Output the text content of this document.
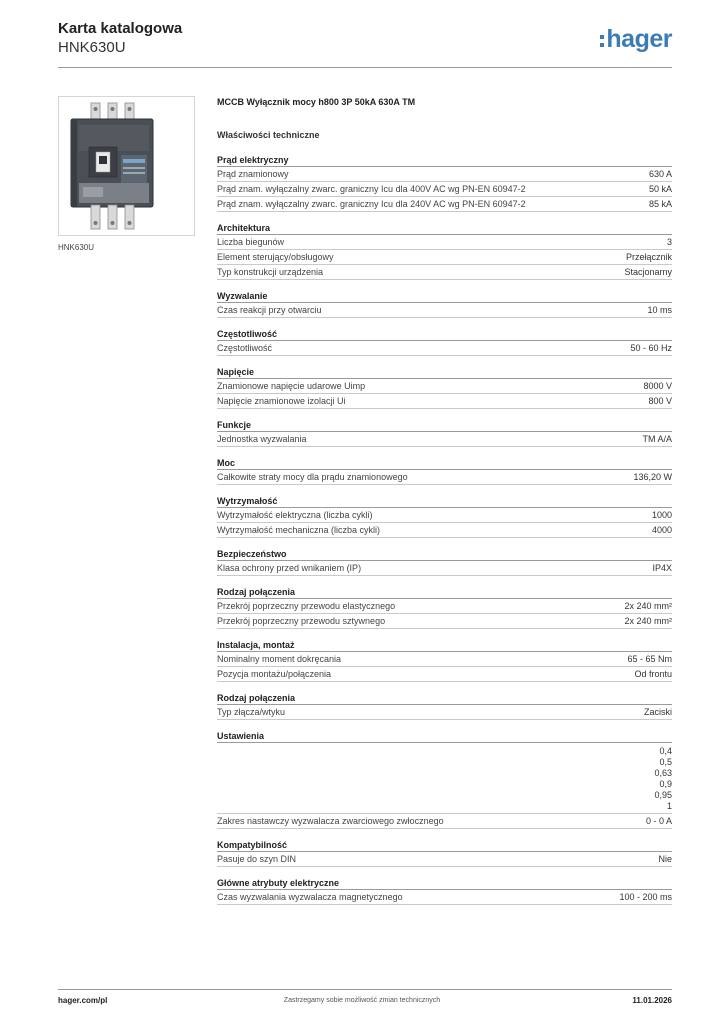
Karta katalogowa
HNK630U	hager
HNK630U
MCCB Wyłącznik mocy h800 3P 50kA 630A TM
Właściwości techniczne
Prąd elektryczny
Prąd znamionowy	630 A
Prąd znam. wyłączalny zwarc. graniczny Icu dla 400V AC wg PN-EN 60947-2	50 kA
Prąd znam. wyłączalny zwarc. graniczny Icu dla 240V AC wg PN-EN 60947-2	85 kA
Architektura
Liczba biegunów	3
Element sterujący/obsługowy	Przełącznik
Typ konstrukcji urządzenia	Stacjonarny
Wyzwalanie
Czas reakcji przy otwarciu	10 ms
Częstotliwość
Częstotliwość	50 - 60 Hz
Napięcie
Znamionowe napięcie udarowe Uimp	8000 V
Napięcie znamionowe izolacji Ui	800 V
Funkcje
Jednostka wyzwalania	TM A/A
Moc
Całkowite straty mocy dla prądu znamionowego	136,20 W
Wytrzymałość
Wytrzymałość elektryczna (liczba cykli)	1000
Wytrzymałość mechaniczna (liczba cykli)	4000
Bezpieczeństwo
Klasa ochrony przed wnikaniem (IP)	IP4X
Rodzaj połączenia
Przekrój poprzeczny przewodu elastycznego	2x 240 mm²
Przekrój poprzeczny przewodu sztywnego	2x 240 mm²
Instalacja, montaż
Nominalny moment dokręcania	65 - 65 Nm
Pozycja montażu/połączenia	Od frontu
Rodzaj połączenia
Typ złącza/wtyku	Zaciski
Ustawienia
0,4
0,5
0,63
0,9
0,95
1
Zakres nastawczy wyzwalacza zwarciowego zwłocznego	0 - 0 A
Kompatybilność
Pasuje do szyn DIN	Nie
Główne atrybuty elektryczne
Czas wyzwalania wyzwalacza magnetycznego	100 - 200 ms
hager.com/pl	Zastrzegamy sobie możliwość zmian technicznych	11.01.2026
